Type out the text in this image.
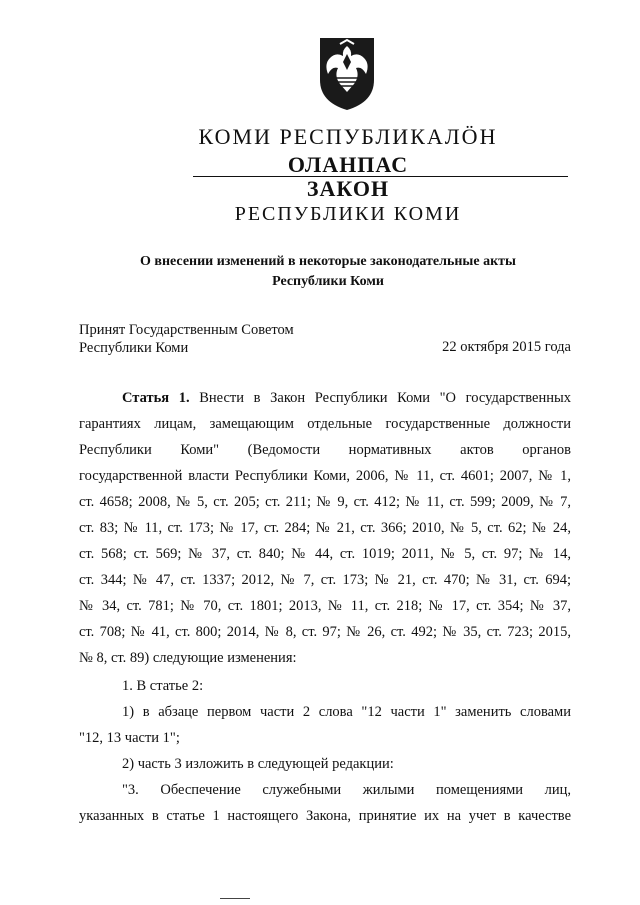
КОМИ РЕСПУБЛИКАЛÖН
ОЛАНПАС
ЗАКОН
РЕСПУБЛИКИ КОМИ
О внесении изменений в некоторые законодательные акты
Республики Коми
Принят Государственным Советом
Республики Коми	22 октября 2015 года
Статья 1. Внести в Закон Республики Коми "О государственных
гарантиях лицам, замещающим отдельные государственные должности
Республики Коми" (Ведомости нормативных актов органов
государственной власти Республики Коми, 2006, № 11, ст. 4601; 2007, № 1,
ст. 4658; 2008, № 5, ст. 205; ст. 211; № 9, ст. 412; № 11, ст. 599; 2009, № 7,
ст. 83; № 11, ст. 173; № 17, ст. 284; № 21, ст. 366; 2010, № 5, ст. 62; № 24,
ст. 568; ст. 569; № 37, ст. 840; № 44, ст. 1019; 2011, № 5, ст. 97; № 14,
ст. 344; № 47, ст. 1337; 2012, № 7, ст. 173; № 21, ст. 470; № 31, ст. 694;
№ 34, ст. 781; № 70, ст. 1801; 2013, № 11, ст. 218; № 17, ст. 354; № 37,
ст. 708; № 41, ст. 800; 2014, № 8, ст. 97; № 26, ст. 492; № 35, ст. 723; 2015,
№ 8, ст. 89) следующие изменения:
1. В статье 2:
1) в абзаце первом части 2 слова "12 части 1" заменить словами
"12, 13 части 1";
2) часть 3 изложить в следующей редакции:
"3. Обеспечение служебными жилыми помещениями лиц,
указанных в статье 1 настоящего Закона, принятие их на учет в качестве
